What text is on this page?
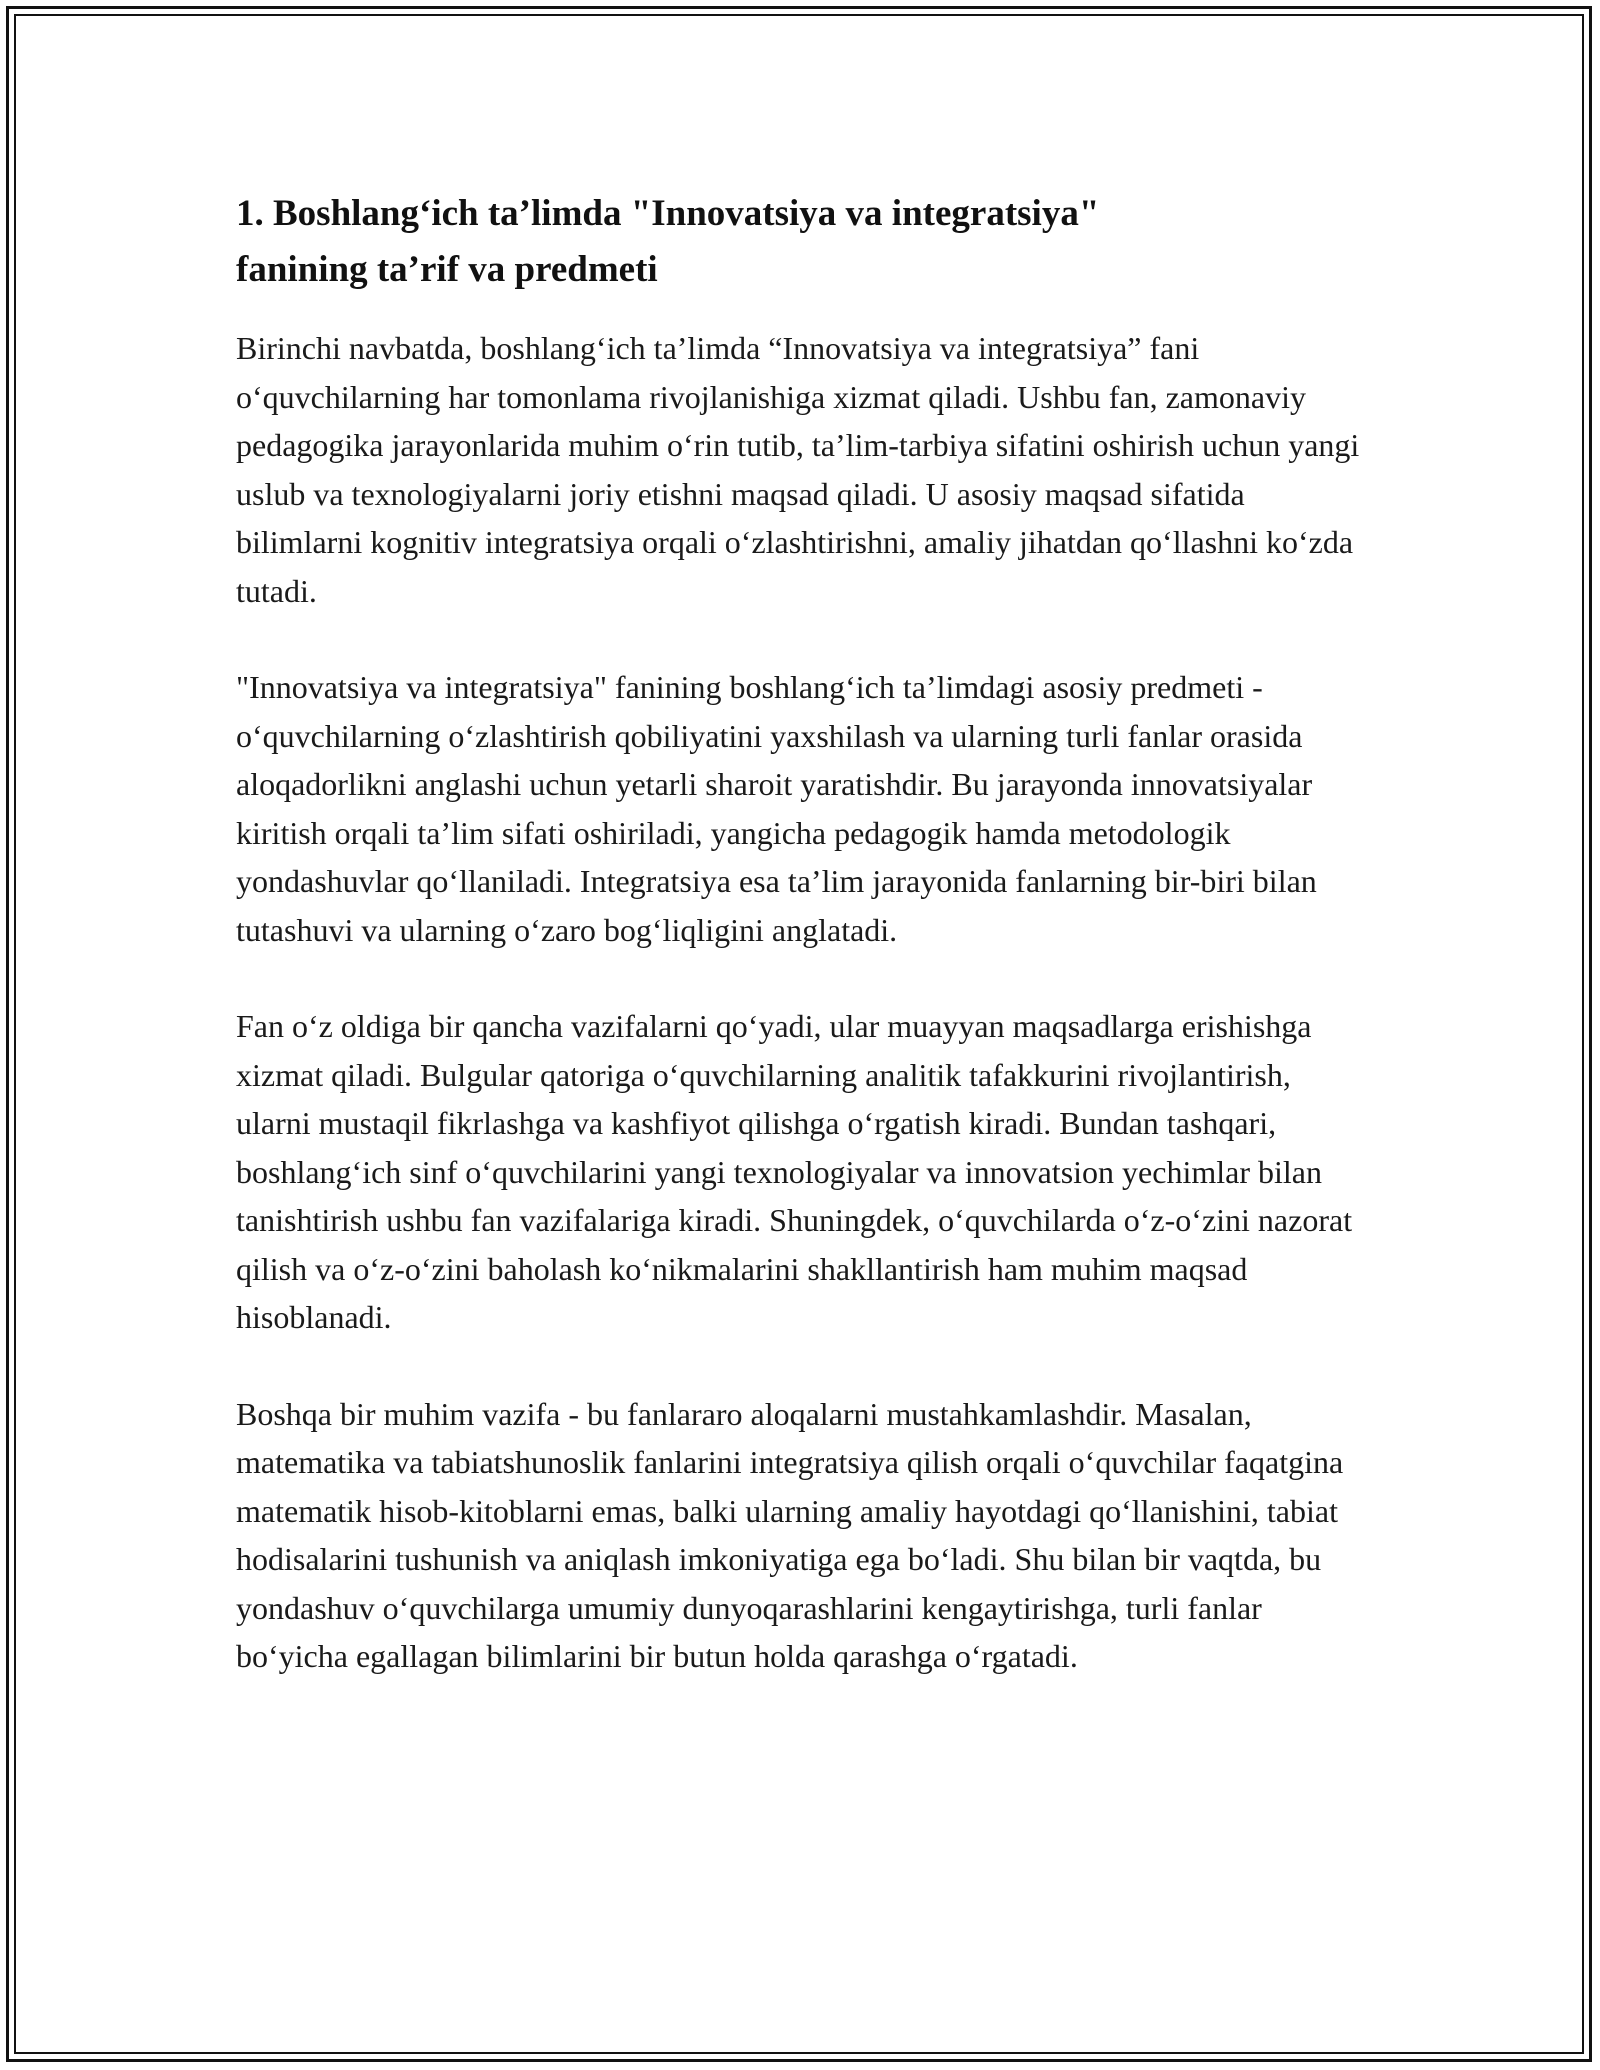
1. Boshlang‘ich ta’limda "Innovatsiya va integratsiya"
fanining ta’rif va predmeti

Birinchi navbatda, boshlang‘ich ta’limda “Innovatsiya va integratsiya” fani o‘quvchilarning har tomonlama rivojlanishiga xizmat qiladi. Ushbu fan, zamonaviy pedagogika jarayonlarida muhim o‘rin tutib, ta’lim-tarbiya sifatini oshirish uchun yangi uslub va texnologiyalarni joriy etishni maqsad qiladi. U asosiy maqsad sifatida bilimlarni kognitiv integratsiya orqali o‘zlashtirishni, amaliy jihatdan qo‘llashni ko‘zda tutadi.

"Innovatsiya va integratsiya" fanining boshlang‘ich ta’limdagi asosiy predmeti - o‘quvchilarning o‘zlashtirish qobiliyatini yaxshilash va ularning turli fanlar orasida aloqadorlikni anglashi uchun yetarli sharoit yaratishdir. Bu jarayonda innovatsiyalar kiritish orqali ta’lim sifati oshiriladi, yangicha pedagogik hamda metodologik yondashuvlar qo‘llaniladi. Integratsiya esa ta’lim jarayonida fanlarning bir-biri bilan tutashuvi va ularning o‘zaro bog‘liqligini anglatadi.

Fan o‘z oldiga bir qancha vazifalarni qo‘yadi, ular muayyan maqsadlarga erishishga xizmat qiladi. Bulgular qatoriga o‘quvchilarning analitik tafakkurini rivojlantirish, ularni mustaqil fikrlashga va kashfiyot qilishga o‘rgatish kiradi. Bundan tashqari, boshlang‘ich sinf o‘quvchilarini yangi texnologiyalar va innovatsion yechimlar bilan tanishtirish ushbu fan vazifalariga kiradi. Shuningdek, o‘quvchilarda o‘z-o‘zini nazorat qilish va o‘z-o‘zini baholash ko‘nikmalarini shakllantirish ham muhim maqsad hisoblanadi.

Boshqa bir muhim vazifa - bu fanlararo aloqalarni mustahkamlashdir. Masalan, matematika va tabiatshunoslik fanlarini integratsiya qilish orqali o‘quvchilar faqatgina matematik hisob-kitoblarni emas, balki ularning amaliy hayotdagi qo‘llanishini, tabiat hodisalarini tushunish va aniqlash imkoniyatiga ega bo‘ladi. Shu bilan bir vaqtda, bu yondashuv o‘quvchilarga umumiy dunyoqarashlarini kengaytirishga, turli fanlar bo‘yicha egallagan bilimlarini bir butun holda qarashga o‘rgatadi.
